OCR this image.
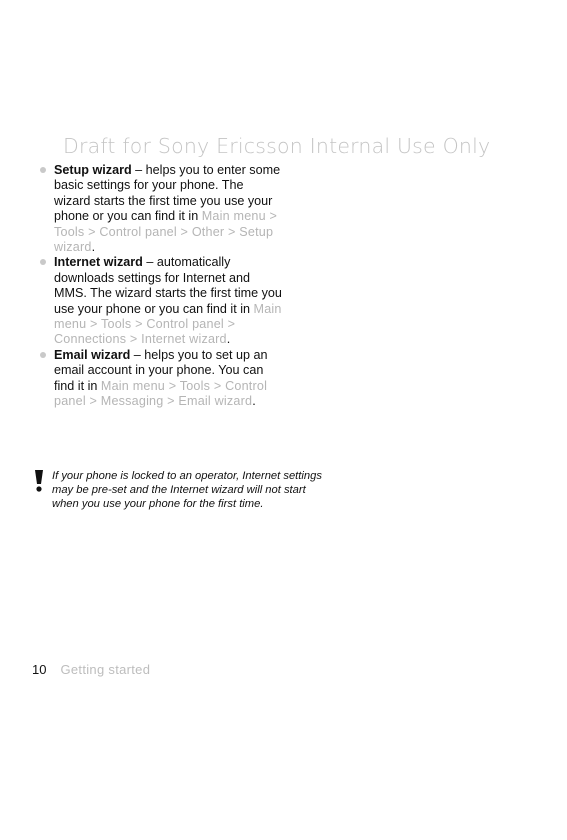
Draft for Sony Ericsson Internal Use Only
Setup wizard – helps you to enter some basic settings for your phone. The wizard starts the first time you use your phone or you can find it in Main menu > Tools > Control panel > Other > Setup wizard.
Internet wizard – automatically downloads settings for Internet and MMS. The wizard starts the first time you use your phone or you can find it in Main menu > Tools > Control panel > Connections > Internet wizard.
Email wizard – helps you to set up an email account in your phone. You can find it in Main menu > Tools > Control panel > Messaging > Email wizard.
If your phone is locked to an operator, Internet settings may be pre-set and the Internet wizard will not start when you use your phone for the first time.
10 Getting started
